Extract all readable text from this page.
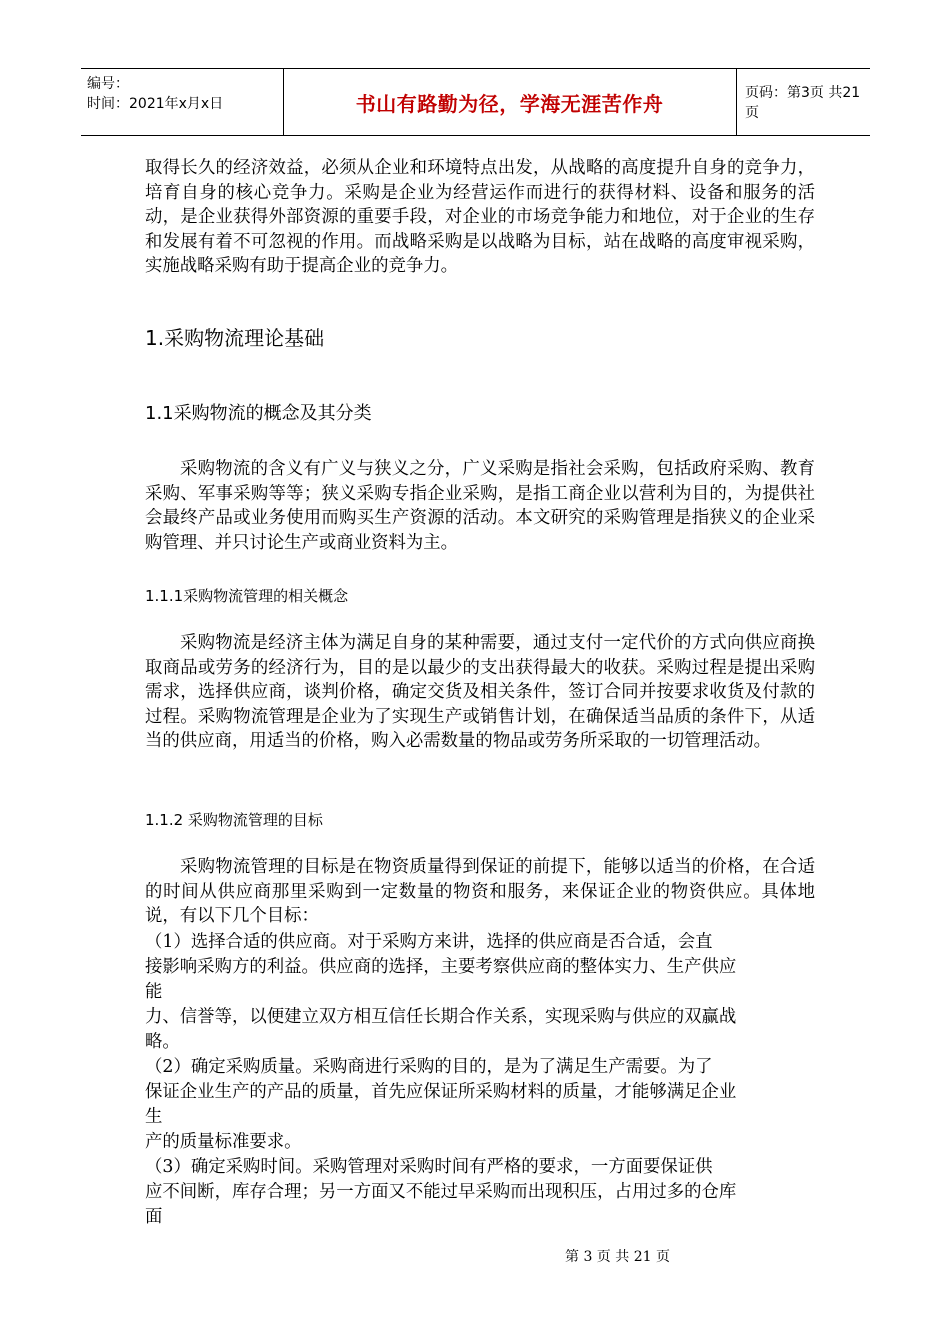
编号：
时间：2021年x月x日	书山有路勤为径，学海无涯苦作舟	页码：第3页 共21页

取得长久的经济效益，必须从企业和环境特点出发，从战略的高度提升自身的竞争力，培育自身的核心竞争力。采购是企业为经营运作而进行的获得材料、设备和服务的活动，是企业获得外部资源的重要手段，对企业的市场竞争能力和地位，对于企业的生存和发展有着不可忽视的作用。而战略采购是以战略为目标，站在战略的高度审视采购，实施战略采购有助于提高企业的竞争力。

1.采购物流理论基础
1.1采购物流的概念及其分类

采购物流的含义有广义与狭义之分，广义采购是指社会采购，包括政府采购、教育采购、军事采购等等；狭义采购专指企业采购，是指工商企业以营利为目的，为提供社会最终产品或业务使用而购买生产资源的活动。本文研究的采购管理是指狭义的企业采购管理、并只讨论生产或商业资料为主。

1.1.1采购物流管理的相关概念

采购物流是经济主体为满足自身的某种需要，通过支付一定代价的方式向供应商换取商品或劳务的经济行为，目的是以最少的支出获得最大的收获。采购过程是提出采购需求，选择供应商，谈判价格，确定交货及相关条件，签订合同并按要求收货及付款的过程。采购物流管理是企业为了实现生产或销售计划，在确保适当品质的条件下，从适当的供应商，用适当的价格，购入必需数量的物品或劳务所采取的一切管理活动。

1.1.2 采购物流管理的目标

采购物流管理的目标是在物资质量得到保证的前提下，能够以适当的价格，在合适的时间从供应商那里采购到一定数量的物资和服务，来保证企业的物资供应。具体地说，有以下几个目标：

（1）选择合适的供应商。对于采购方来讲，选择的供应商是否合适，会直
接影响采购方的利益。供应商的选择，主要考察供应商的整体实力、生产供应
能
力、信誉等，以便建立双方相互信任长期合作关系，实现采购与供应的双赢战
略。
（2）确定采购质量。采购商进行采购的目的，是为了满足生产需要。为了
保证企业生产的产品的质量，首先应保证所采购材料的质量，才能够满足企业
生
产的质量标准要求。
（3）确定采购时间。采购管理对采购时间有严格的要求，一方面要保证供
应不间断，库存合理；另一方面又不能过早采购而出现积压，占用过多的仓库
面
第 3 页 共 21 页
